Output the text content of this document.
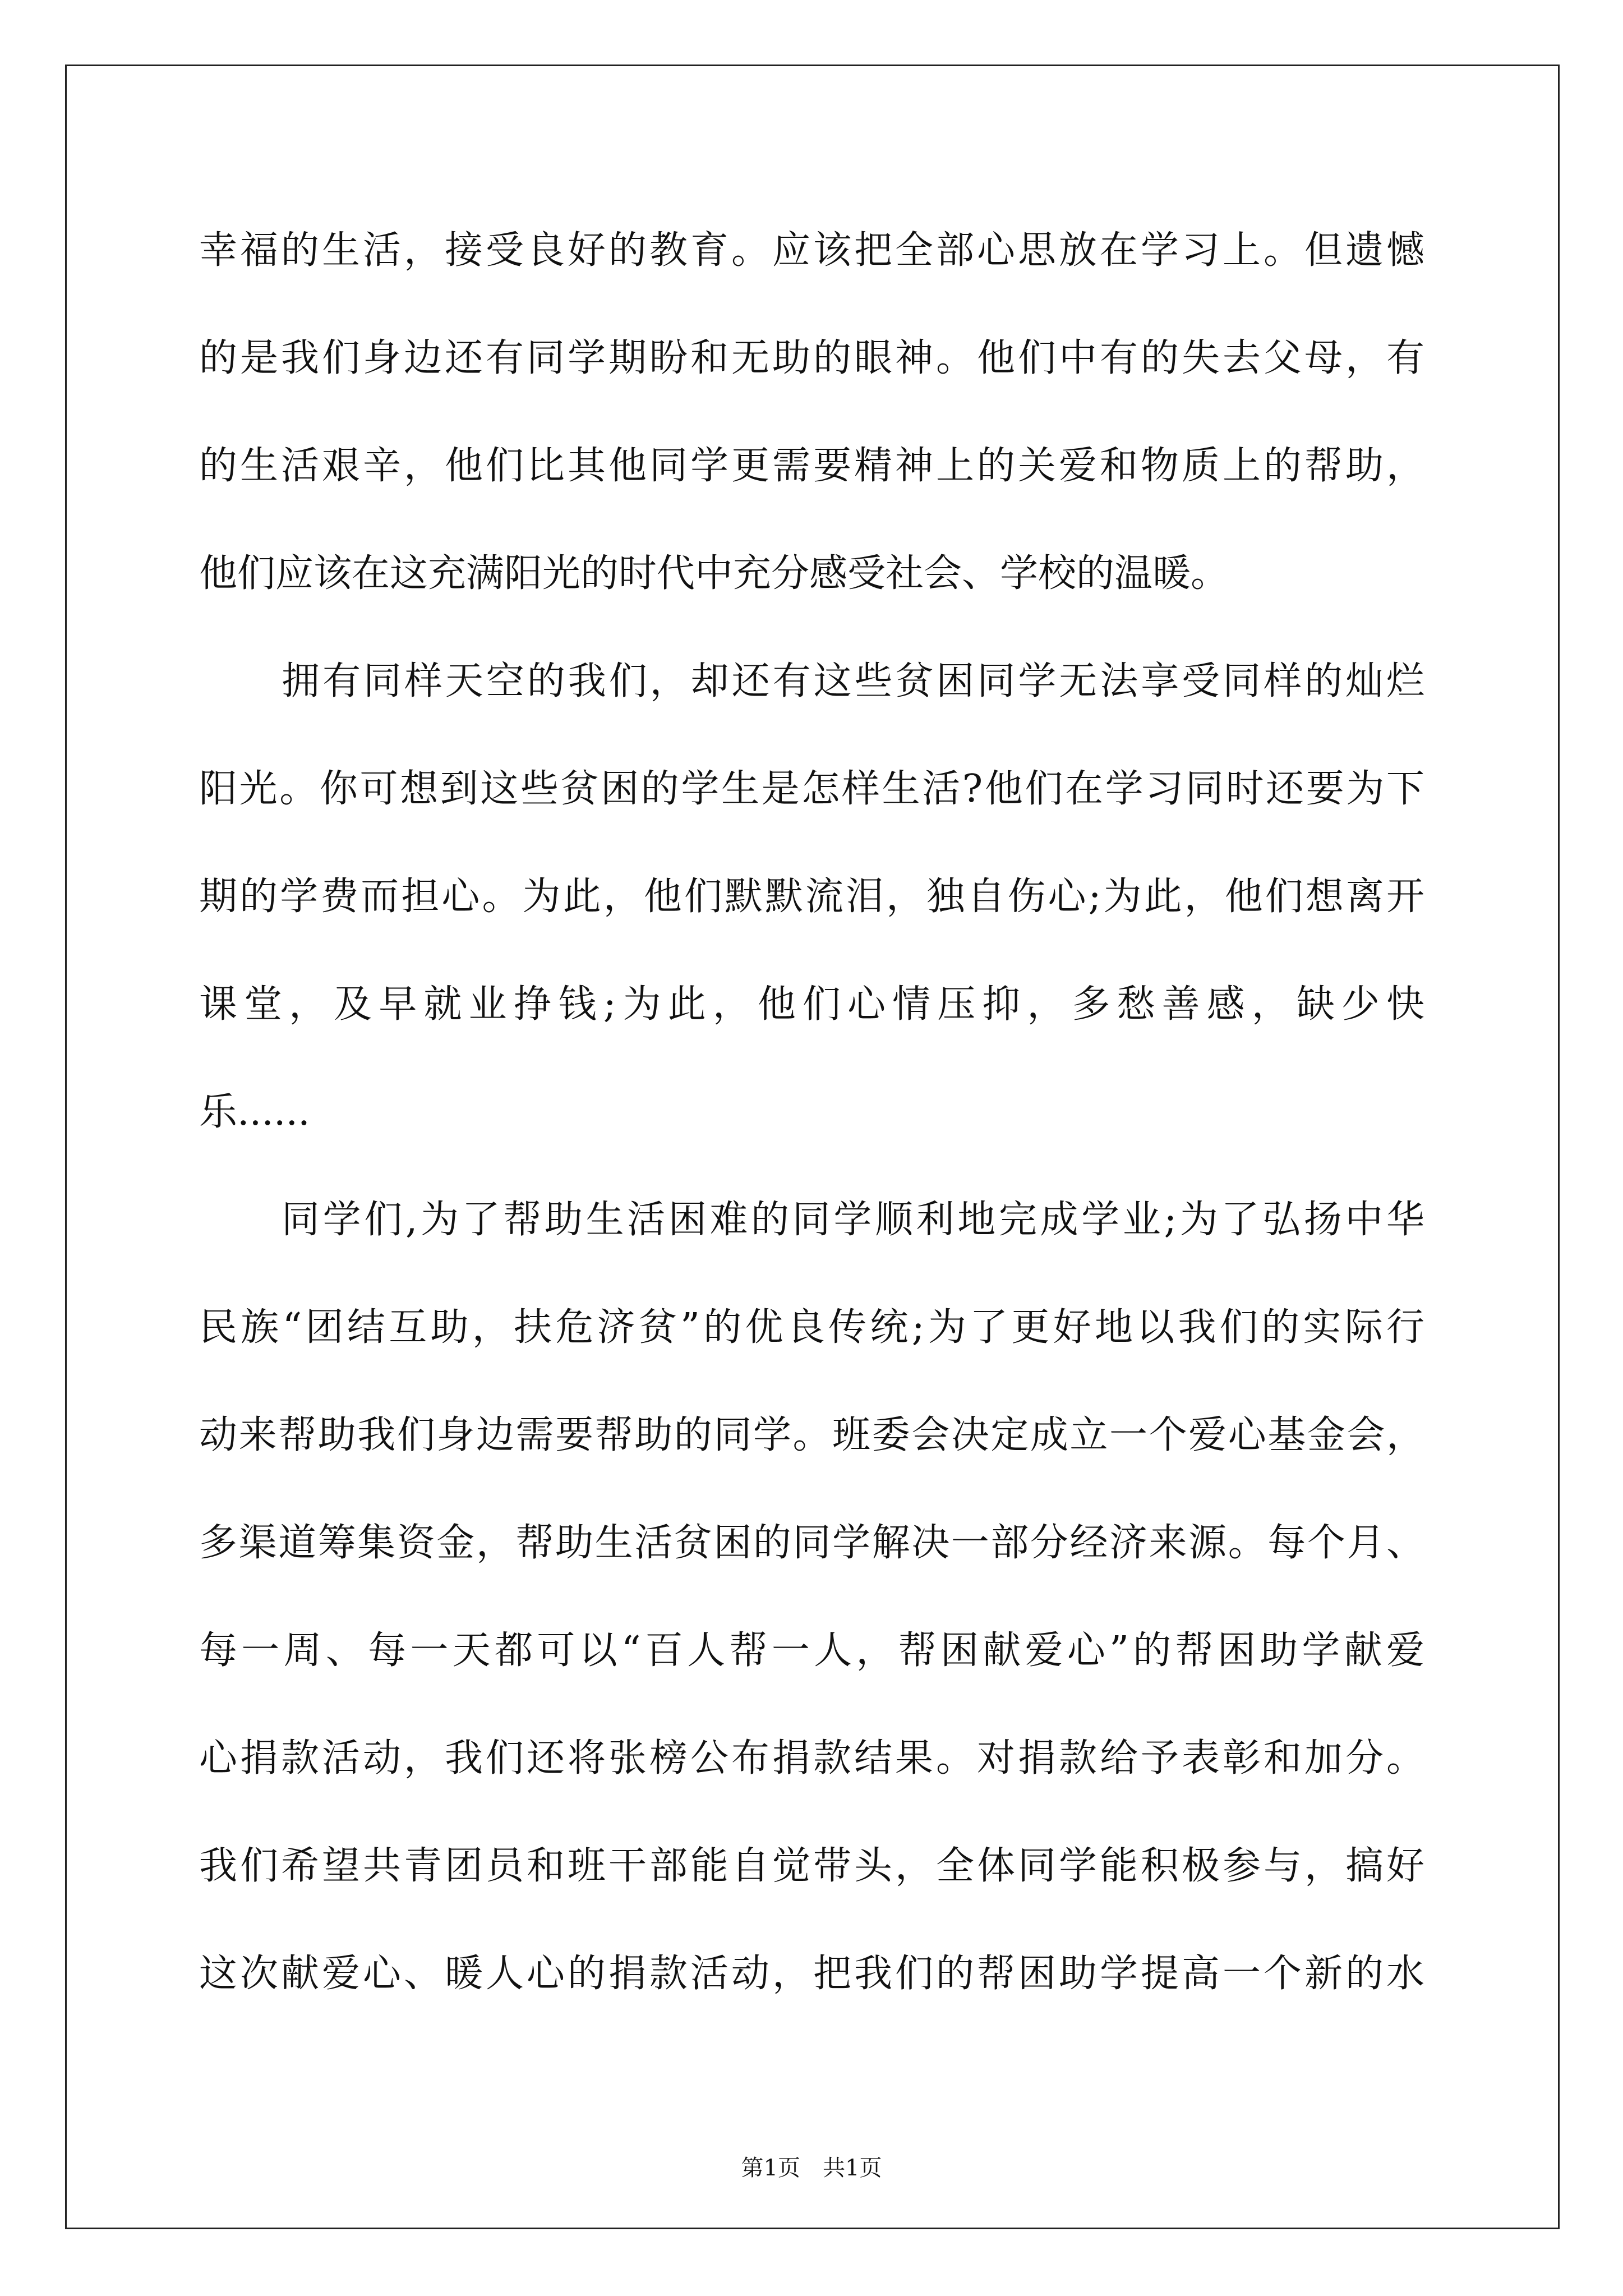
幸福的生活，接受良好的教育。应该把全部心思放在学习上。但遗憾

的是我们身边还有同学期盼和无助的眼神。他们中有的失去父母，有

的生活艰辛，他们比其他同学更需要精神上的关爱和物质上的帮助，

他们应该在这充满阳光的时代中充分感受社会、学校的温暖。

拥有同样天空的我们，却还有这些贫困同学无法享受同样的灿烂

阳光。你可想到这些贫困的学生是怎样生活?他们在学习同时还要为下

期的学费而担心。为此，他们默默流泪，独自伤心;为此，他们想离开

课堂，及早就业挣钱;为此，他们心情压抑，多愁善感，缺少快

乐......

同学们,为了帮助生活困难的同学顺利地完成学业;为了弘扬中华

民族“团结互助，扶危济贫”的优良传统;为了更好地以我们的实际行

动来帮助我们身边需要帮助的同学。班委会决定成立一个爱心基金会，

多渠道筹集资金，帮助生活贫困的同学解决一部分经济来源。每个月、

每一周、每一天都可以“百人帮一人，帮困献爱心”的帮困助学献爱

心捐款活动，我们还将张榜公布捐款结果。对捐款给予表彰和加分。

我们希望共青团员和班干部能自觉带头，全体同学能积极参与，搞好

这次献爱心、暖人心的捐款活动，把我们的帮困助学提高一个新的水

第1页　共1页
